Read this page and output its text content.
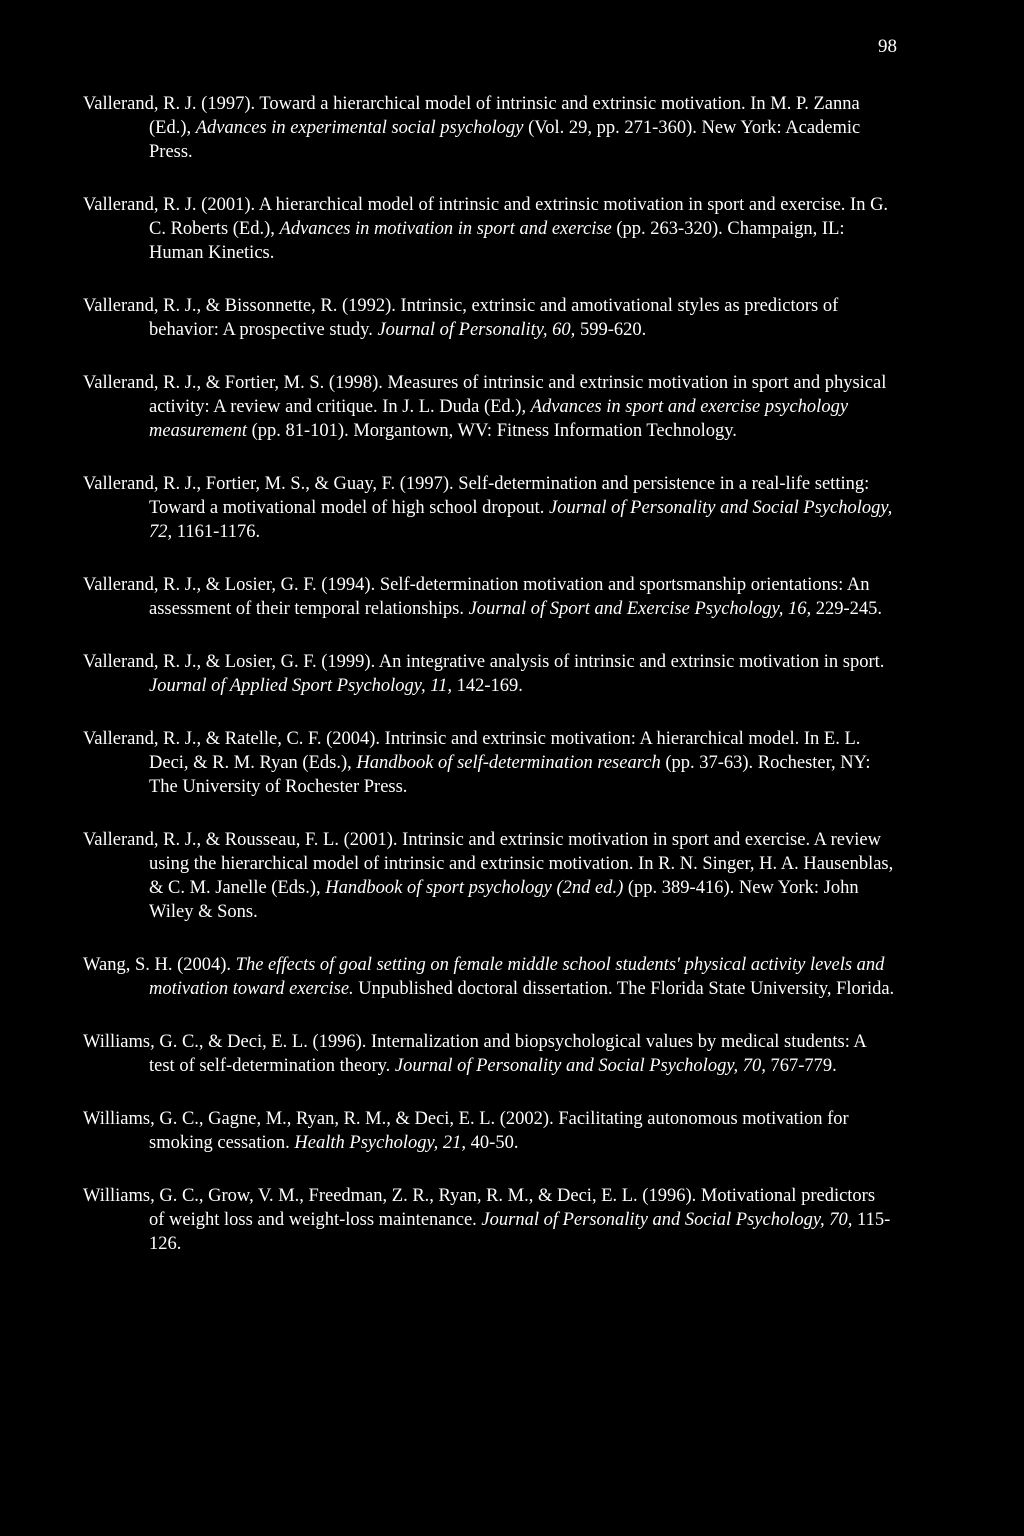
98

Vallerand, R. J. (1997). Toward a hierarchical model of intrinsic and extrinsic motivation. In M. P. Zanna (Ed.), Advances in experimental social psychology (Vol. 29, pp. 271-360). New York: Academic Press.

Vallerand, R. J. (2001). A hierarchical model of intrinsic and extrinsic motivation in sport and exercise. In G. C. Roberts (Ed.), Advances in motivation in sport and exercise (pp. 263-320). Champaign, IL: Human Kinetics.

Vallerand, R. J., & Bissonnette, R. (1992). Intrinsic, extrinsic and amotivational styles as predictors of behavior: A prospective study. Journal of Personality, 60, 599-620.

Vallerand, R. J., & Fortier, M. S. (1998). Measures of intrinsic and extrinsic motivation in sport and physical activity: A review and critique. In J. L. Duda (Ed.), Advances in sport and exercise psychology measurement (pp. 81-101). Morgantown, WV: Fitness Information Technology.

Vallerand, R. J., Fortier, M. S., & Guay, F. (1997). Self-determination and persistence in a real-life setting: Toward a motivational model of high school dropout. Journal of Personality and Social Psychology, 72, 1161-1176.

Vallerand, R. J., & Losier, G. F. (1994). Self-determination motivation and sportsmanship orientations: An assessment of their temporal relationships. Journal of Sport and Exercise Psychology, 16, 229-245.

Vallerand, R. J., & Losier, G. F. (1999). An integrative analysis of intrinsic and extrinsic motivation in sport. Journal of Applied Sport Psychology, 11, 142-169.

Vallerand, R. J., & Ratelle, C. F. (2004). Intrinsic and extrinsic motivation: A hierarchical model. In E. L. Deci, & R. M. Ryan (Eds.), Handbook of self-determination research (pp. 37-63). Rochester, NY: The University of Rochester Press.

Vallerand, R. J., & Rousseau, F. L. (2001). Intrinsic and extrinsic motivation in sport and exercise. A review using the hierarchical model of intrinsic and extrinsic motivation. In R. N. Singer, H. A. Hausenblas, & C. M. Janelle (Eds.), Handbook of sport psychology (2nd ed.) (pp. 389-416). New York: John Wiley & Sons.

Wang, S. H. (2004). The effects of goal setting on female middle school students' physical activity levels and motivation toward exercise. Unpublished doctoral dissertation. The Florida State University, Florida.

Williams, G. C., & Deci, E. L. (1996). Internalization and biopsychological values by medical students: A test of self-determination theory. Journal of Personality and Social Psychology, 70, 767-779.

Williams, G. C., Gagne, M., Ryan, R. M., & Deci, E. L. (2002). Facilitating autonomous motivation for smoking cessation. Health Psychology, 21, 40-50.

Williams, G. C., Grow, V. M., Freedman, Z. R., Ryan, R. M., & Deci, E. L. (1996). Motivational predictors of weight loss and weight-loss maintenance. Journal of Personality and Social Psychology, 70, 115-126.
